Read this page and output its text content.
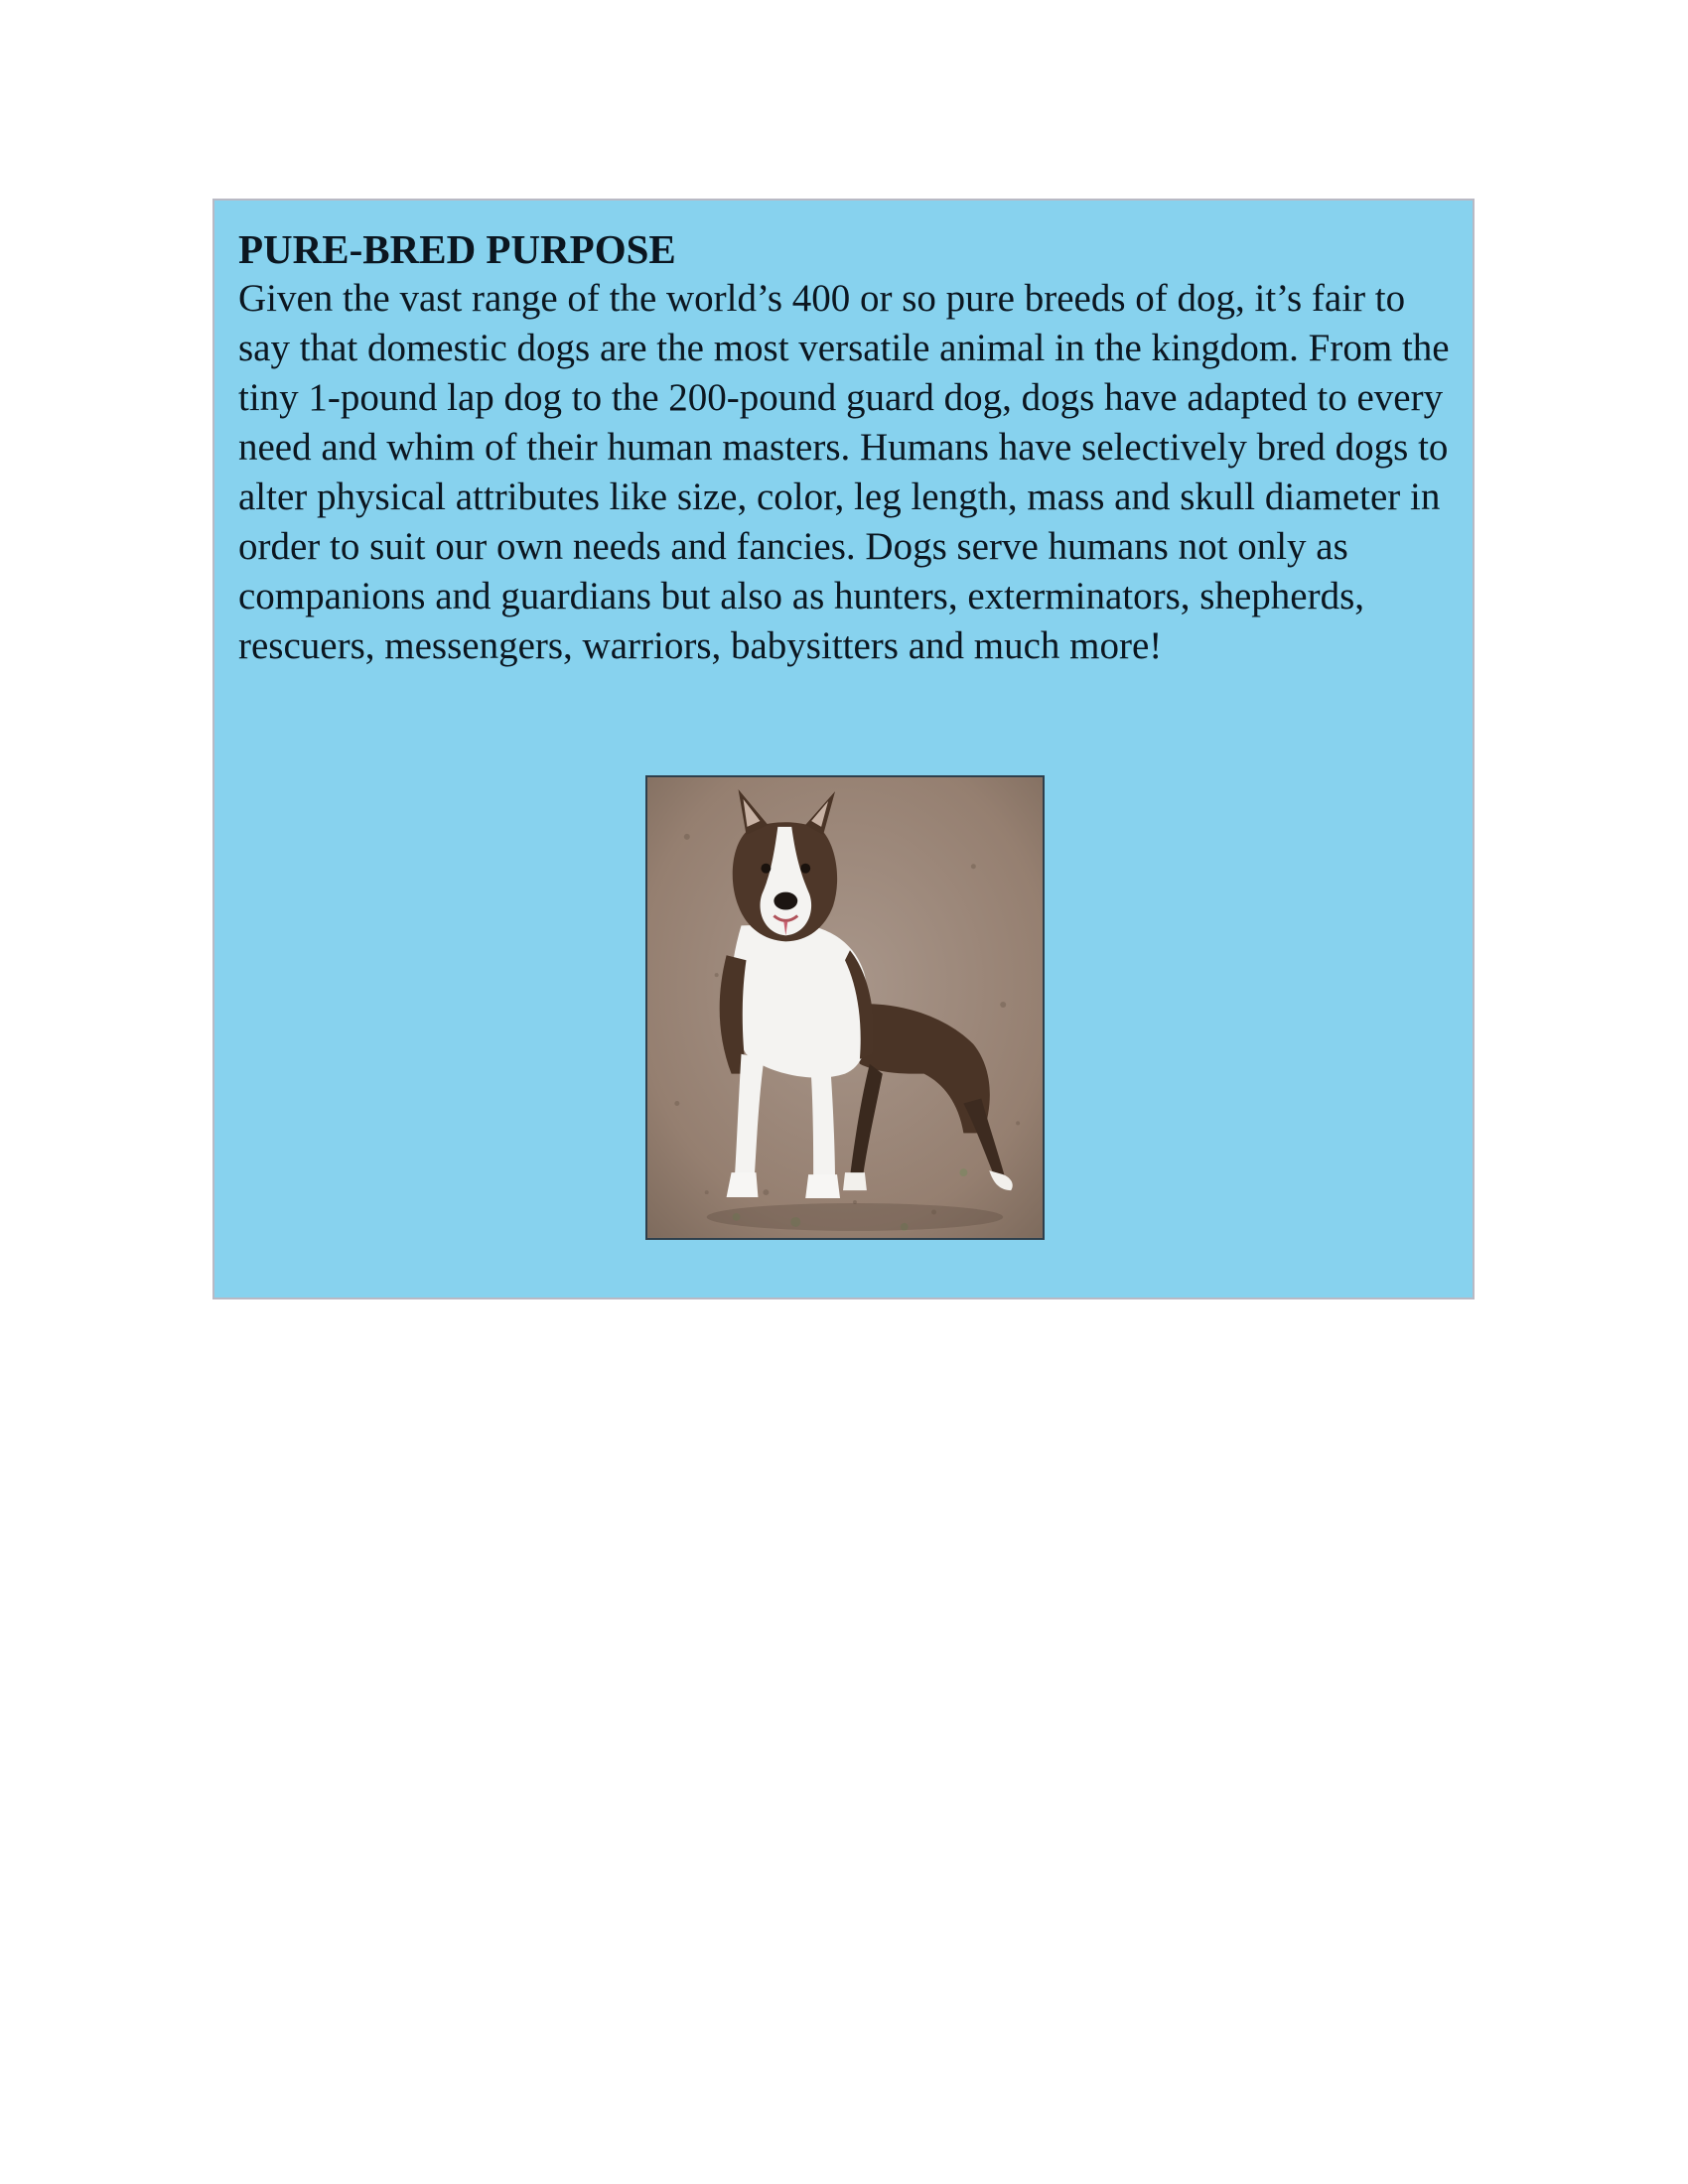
PURE-BRED PURPOSE

Given the vast range of the world’s 400 or so pure breeds of dog, it’s fair to say that domestic dogs are the most versatile animal in the kingdom. From the tiny 1-pound lap dog to the 200-pound guard dog, dogs have adapted to every need and whim of their human masters. Humans have selectively bred dogs to alter physical attributes like size, color, leg length, mass and skull diameter in order to suit our own needs and fancies. Dogs serve humans not only as companions and guardians but also as hunters, exterminators, shepherds, rescuers, messengers, warriors, babysitters and much more!
